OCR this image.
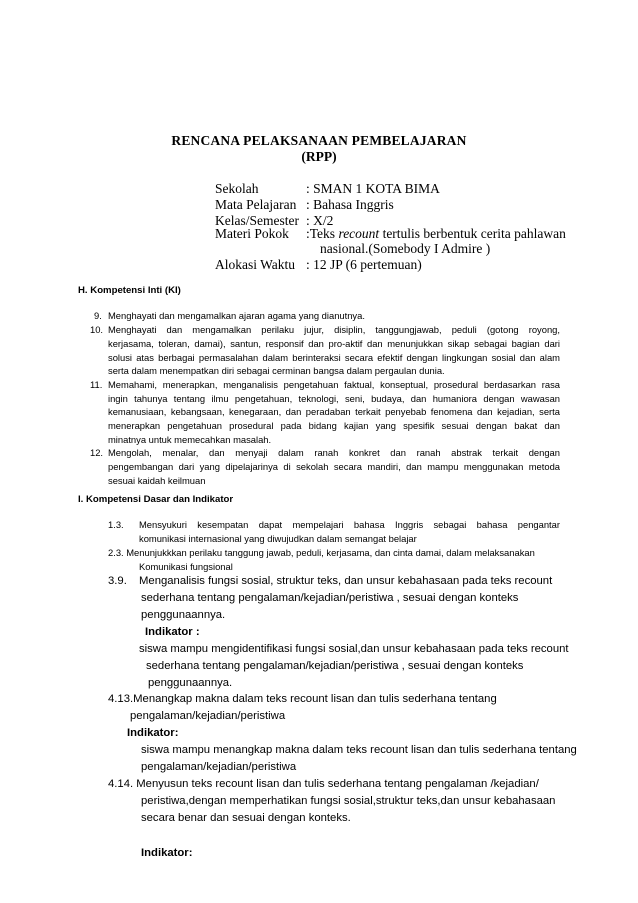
RENCANA PELAKSANAAN PEMBELAJARAN
(RPP)
Sekolah	: SMAN 1 KOTA BIMA
Mata Pelajaran : Bahasa Inggris
Kelas/Semester : X/2
Materi Pokok :Teks recount tertulis berbentuk cerita pahlawan
nasional.(Somebody I Admire )
Alokasi Waktu : 12 JP (6 pertemuan)
H. Kompetensi Inti (KI)
9. Menghayati dan mengamalkan ajaran agama yang dianutnya.
10. Menghayati dan mengamalkan perilaku jujur, disiplin, tanggungjawab, peduli (gotong royong,
kerjasama, toleran, damai), santun, responsif dan pro-aktif dan menunjukkan sikap sebagai bagian dari
solusi atas berbagai permasalahan dalam berinteraksi secara efektif dengan lingkungan sosial dan alam
serta dalam menempatkan diri sebagai cerminan bangsa dalam pergaulan dunia.
11. Memahami, menerapkan, menganalisis pengetahuan faktual, konseptual, prosedural berdasarkan rasa
ingin tahunya tentang ilmu pengetahuan, teknologi, seni, budaya, dan humaniora dengan wawasan
kemanusiaan, kebangsaan, kenegaraan, dan peradaban terkait penyebab fenomena dan kejadian, serta
menerapkan pengetahuan prosedural pada bidang kajian yang spesifik sesuai dengan bakat dan
minatnya untuk memecahkan masalah.
12. Mengolah, menalar, dan menyaji dalam ranah konkret dan ranah abstrak terkait dengan
pengembangan dari yang dipelajarinya di sekolah secara mandiri, dan mampu menggunakan metoda
sesuai kaidah keilmuan
I. Kompetensi Dasar dan Indikator
1.3. Mensyukuri kesempatan dapat mempelajari bahasa Inggris sebagai bahasa pengantar
komunikasi internasional yang diwujudkan dalam semangat belajar
2.3. Menunjukkkan perilaku tanggung jawab, peduli, kerjasama, dan cinta damai, dalam melaksanakan
Komunikasi fungsional
3.9. Menganalisis fungsi sosial, struktur teks, dan unsur kebahasaan pada teks recount
sederhana tentang pengalaman/kejadian/peristiwa , sesuai dengan konteks
penggunaannya.
Indikator :
siswa mampu mengidentifikasi fungsi sosial,dan unsur kebahasaan pada teks recount
sederhana tentang pengalaman/kejadian/peristiwa , sesuai dengan konteks
penggunaannya.
4.13.Menangkap makna dalam teks recount lisan dan tulis sederhana tentang
pengalaman/kejadian/peristiwa
Indikator:
siswa mampu menangkap makna dalam teks recount lisan dan tulis sederhana tentang
pengalaman/kejadian/peristiwa
4.14. Menyusun teks recount lisan dan tulis sederhana tentang pengalaman /kejadian/
peristiwa,dengan memperhatikan fungsi sosial,struktur teks,dan unsur kebahasaan
secara benar dan sesuai dengan konteks.
Indikator:
